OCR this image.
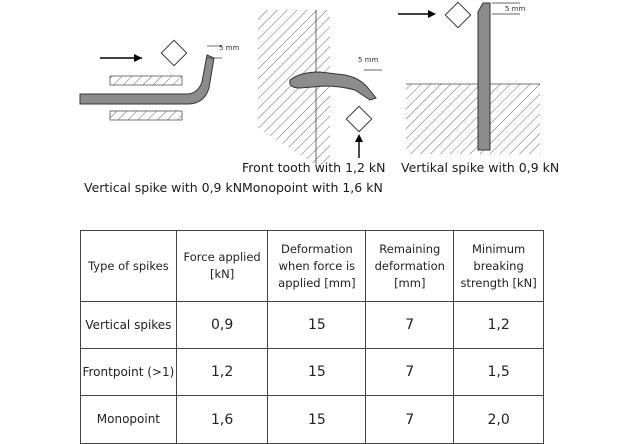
5 mm
5 mm
5 mm
Front tooth with 1,2 kN Vertikal spike with 0,9 kN
Vertical spike with 0,9 kN Monopoint with 1,6 kN
Type of spikes	Force applied [kN]	Deformation when force is applied [mm]	Remaining deformation [mm]	Minimum breaking strength [kN]
Vertical spikes	0,9	15	7	1,2
Frontpoint (>1)	1,2	15	7	1,5
Monopoint	1,6	15	7	2,0
